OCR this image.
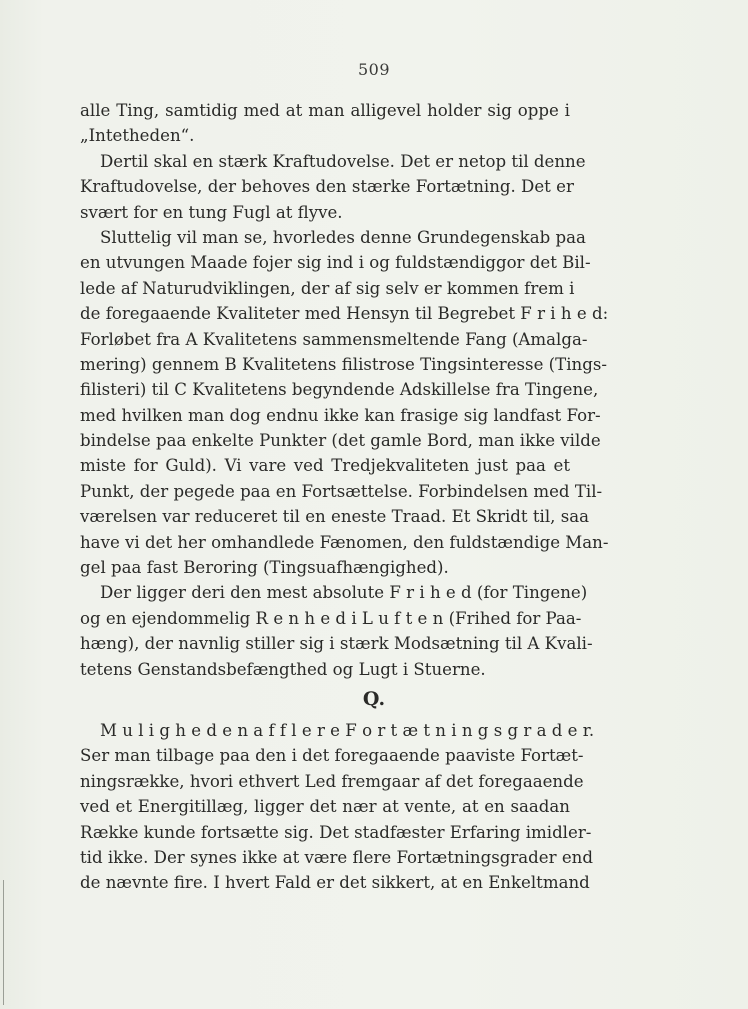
509
alle Ting, samtidig med at man alligevel holder sig oppe i
„Intetheden“.
Dertil skal en stærk Kraftudovelse. Det er netop til denne
Kraftudovelse, der behoves den stærke Fortætning. Det er
svært for en tung Fugl at flyve.
Sluttelig vil man se, hvorledes denne Grundegenskab paa
en utvungen Maade fojer sig ind i og fuldstændiggor det Bil-
lede af Naturudviklingen, der af sig selv er kommen frem i
de foregaaende Kvaliteter med Hensyn til Begrebet F r i h e d:
Forløbet fra A Kvalitetens sammensmeltende Fang (Amalga-
mering) gennem B Kvalitetens filistrose Tingsinteresse (Tings-
filisteri) til C Kvalitetens begyndende Adskillelse fra Tingene,
med hvilken man dog endnu ikke kan frasige sig landfast For-
bindelse paa enkelte Punkter (det gamle Bord, man ikke vilde
miste for Guld). Vi vare ved Tredjekvaliteten just paa et
Punkt, der pegede paa en Fortsættelse. Forbindelsen med Til-
værelsen var reduceret til en eneste Traad. Et Skridt til, saa
have vi det her omhandlede Fænomen, den fuldstændige Man-
gel paa fast Beroring (Tingsuafhængighed).
Der ligger deri den mest absolute F r i h e d (for Tingene)
og en ejendommelig R e n h e d i L u f t e n (Frihed for Paa-
hæng), der navnlig stiller sig i stærk Modsætning til A Kvali-
tetens Genstandsbefængthed og Lugt i Stuerne.
Q.
M u l i g h e d e n a f f l e r e F o r t æ t n i n g s g r a d e r.
Ser man tilbage paa den i det foregaaende paaviste Fortæt-
ningsrække, hvori ethvert Led fremgaar af det foregaaende
ved et Energitillæg, ligger det nær at vente, at en saadan
Række kunde fortsætte sig. Det stadfæster Erfaring imidler-
tid ikke. Der synes ikke at være flere Fortætningsgrader end
de nævnte fire. I hvert Fald er det sikkert, at en Enkeltmand
